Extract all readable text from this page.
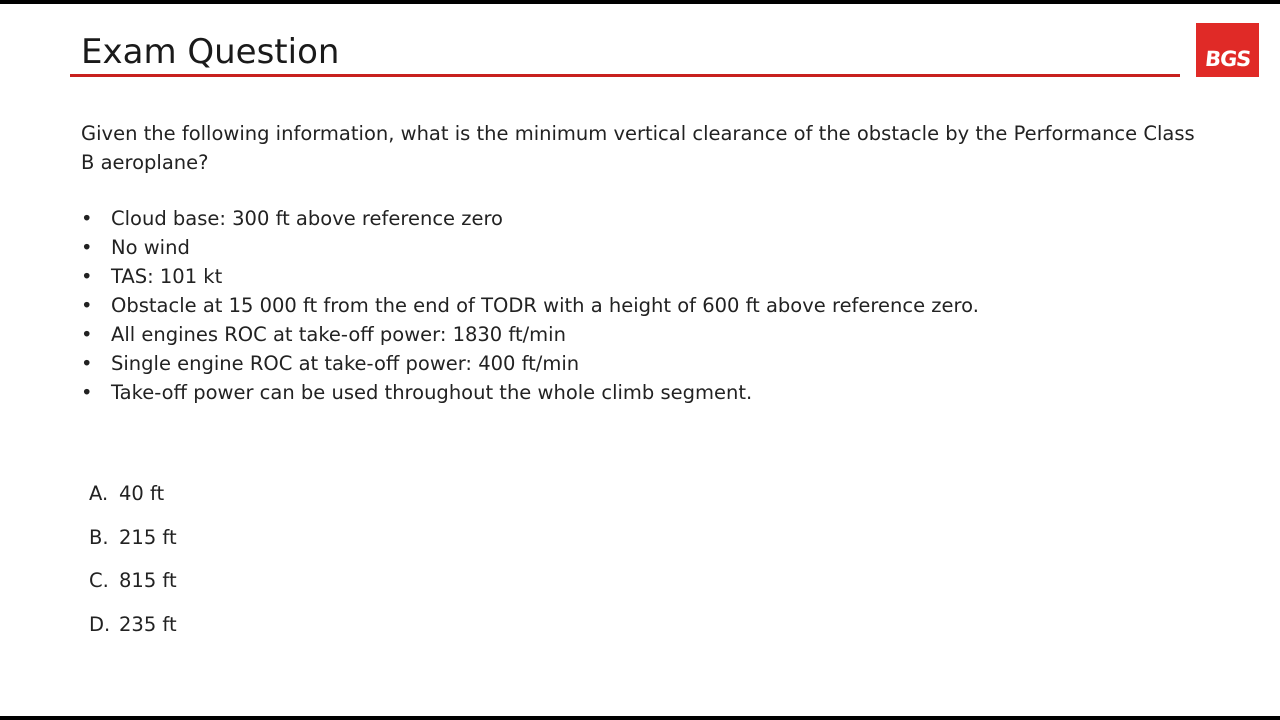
Exam Question	BGS
Given the following information, what is the minimum vertical clearance of the obstacle by the Performance Class B aeroplane?
• Cloud base: 300 ft above reference zero
• No wind
• TAS: 101 kt
• Obstacle at 15 000 ft from the end of TODR with a height of 600 ft above reference zero.
• All engines ROC at take-off power: 1830 ft/min
• Single engine ROC at take-off power: 400 ft/min
• Take-off power can be used throughout the whole climb segment.
A. 40 ft
B. 215 ft
C. 815 ft
D. 235 ft
